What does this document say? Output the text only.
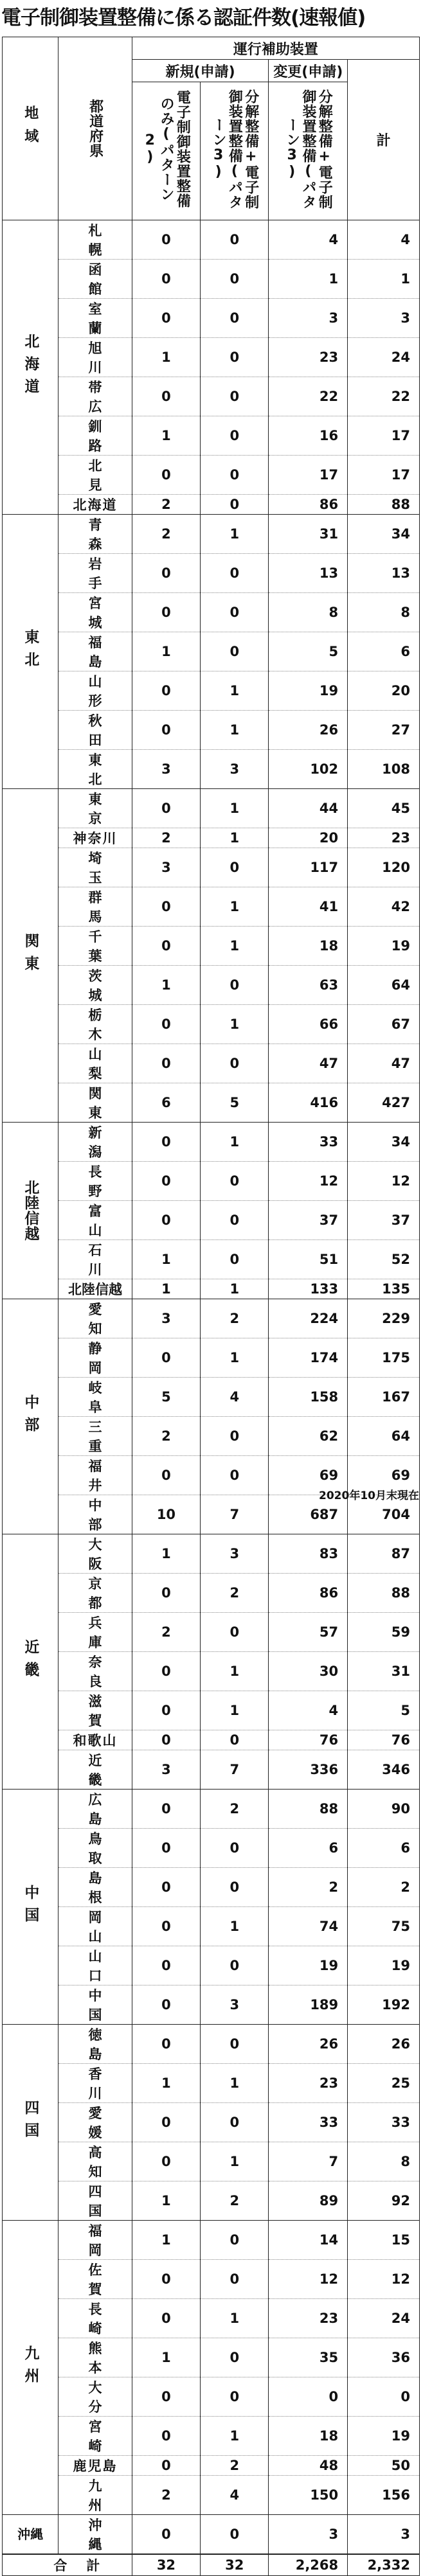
電子制御装置整備に係る認証件数(速報値)
地域	都道府県	運行補助装置			
		新規(申請)		変更(申請)	計

		電子制御装置整備のみ(パターン2)	分解整備+電子制御装置整備(パターン3)	分解整備+電子制御装置整備(パターン3)	

北海道	札幌	0	0	4	4
	函館	0	0	1	1
	室蘭	0	0	3	3
	旭川	1	0	23	24
	帯広	0	0	22	22
	釧路	1	0	16	17
	北見	0	0	17	17
	北海道	2	0	86	88

東北	青森	2	1	31	34
	岩手	0	0	13	13
	宮城	0	0	8	8
	福島	1	0	5	6
	山形	0	1	19	20
	秋田	0	1	26	27
	東北	3	3	102	108

関東	東京	0	1	44	45
	神奈川	2	1	20	23
	埼玉	3	0	117	120
	群馬	0	1	41	42
	千葉	0	1	18	19
	茨城	1	0	63	64
	栃木	0	1	66	67
	山梨	0	0	47	47
	関東	6	5	416	427

北陸信越	新潟	0	1	33	34
	長野	0	0	12	12
	富山	0	0	37	37
	石川	1	0	51	52
	北陸信越	1	1	133	135

中部	愛知	3	2	224	229
	静岡	0	1	174	175
	岐阜	5	4	158	167
	三重	2	0	62	64
	福井	0	0	69	69
	中部	10	7	687	704

近畿	大阪	1	3	83	87
	京都	0	2	86	88
	兵庫	2	0	57	59
	奈良	0	1	30	31
	滋賀	0	1	4	5
	和歌山	0	0	76	76
	近畿	3	7	336	346

中国	広島	0	2	88	90
	鳥取	0	0	6	6
	島根	0	0	2	2
	岡山	0	1	74	75
	山口	0	0	19	19
	中国	0	3	189	192

四国	徳島	0	0	26	26
	香川	1	1	23	25
	愛媛	0	0	33	33
	高知	0	1	7	8
	四国	1	2	89	92

九州	福岡	1	0	14	15
	佐賀	0	0	12	12
	長崎	0	1	23	24
	熊本	1	0	35	36
	大分	0	0	0	0
	宮崎	0	1	18	19
	鹿児島	0	2	48	50
	九州	2	4	150	156

沖縄	沖縄	0	0	3	3
合計		32	32	2,268	2,332
2020年10月末現在
